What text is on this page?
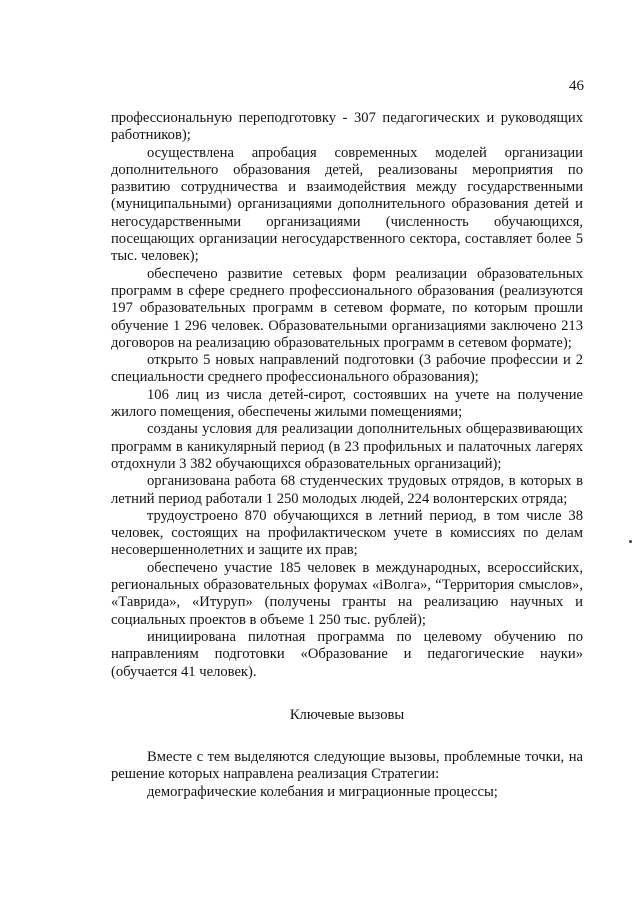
46

профессиональную переподготовку - 307 педагогических и руководящих работников);

осуществлена апробация современных моделей организации дополнительного образования детей, реализованы мероприятия по развитию сотрудничества и взаимодействия между государственными (муниципальными) организациями дополнительного образования детей и негосударственными организациями (численность обучающихся, посещающих организации негосударственного сектора, составляет более 5 тыс. человек);

обеспечено развитие сетевых форм реализации образовательных программ в сфере среднего профессионального образования (реализуются 197 образовательных программ в сетевом формате, по которым прошли обучение 1 296 человек. Образовательными организациями заключено 213 договоров на реализацию образовательных программ в сетевом формате);

открыто 5 новых направлений подготовки (3 рабочие профессии и 2 специальности среднего профессионального образования);

106 лиц из числа детей-сирот, состоявших на учете на получение жилого помещения, обеспечены жилыми помещениями;

созданы условия для реализации дополнительных общеразвивающих программ в каникулярный период (в 23 профильных и палаточных лагерях отдохнули 3 382 обучающихся образовательных организаций);

организована работа 68 студенческих трудовых отрядов, в которых в летний период работали 1 250 молодых людей, 224 волонтерских отряда;

трудоустроено 870 обучающихся в летний период, в том числе 38 человек, состоящих на профилактическом учете в комиссиях по делам несовершеннолетних и защите их прав;

обеспечено участие 185 человек в международных, всероссийских, региональных образовательных форумах «iВолга», “Территория смыслов», «Таврида», «Итуруп» (получены гранты на реализацию научных и социальных проектов в объеме 1 250 тыс. рублей);

инициирована пилотная программа по целевому обучению по направлениям подготовки «Образование и педагогические науки» (обучается 41 человек).

Ключевые вызовы

Вместе с тем выделяются следующие вызовы, проблемные точки, на решение которых направлена реализация Стратегии:

демографические колебания и миграционные процессы;
